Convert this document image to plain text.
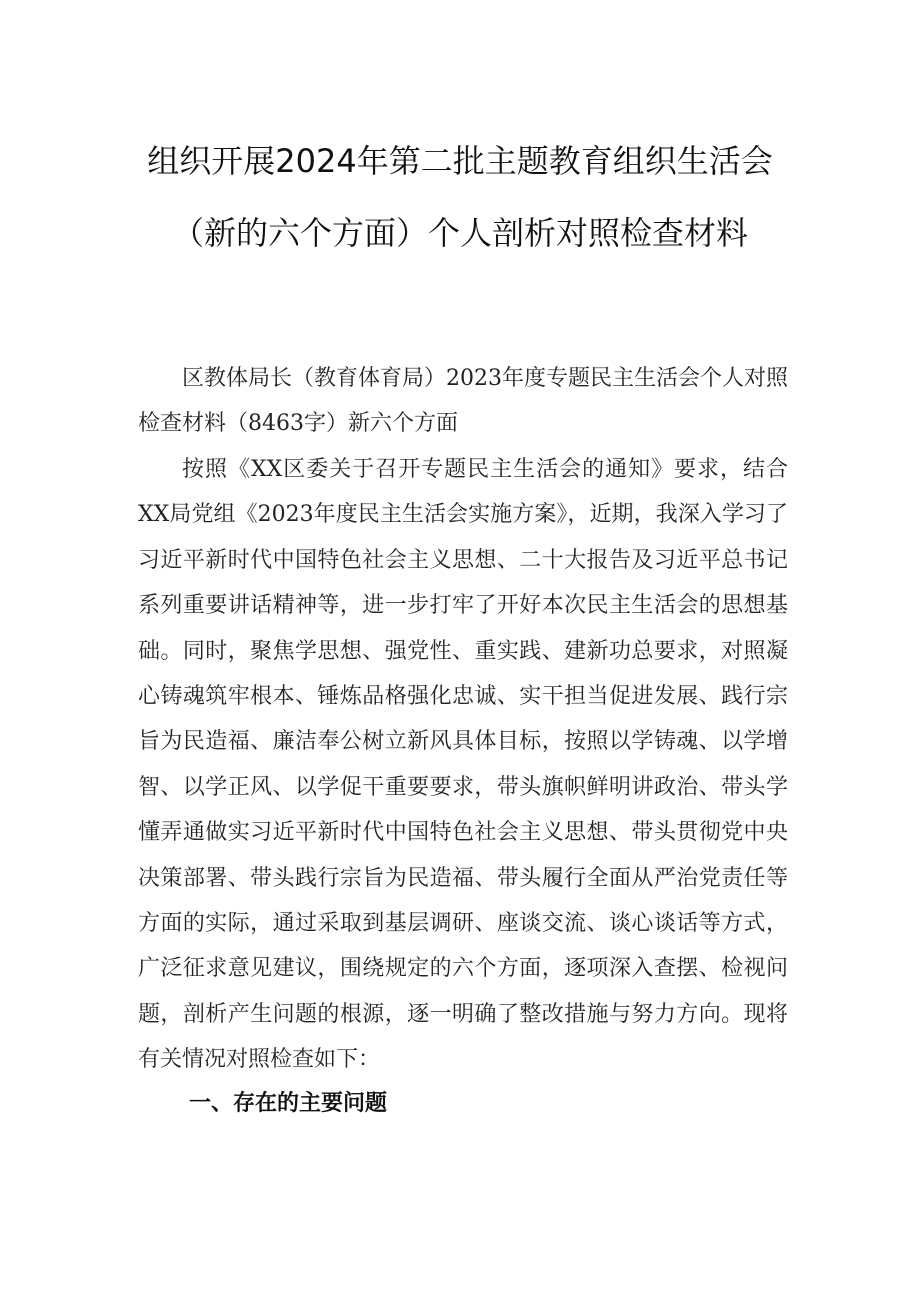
组织开展2024年第二批主题教育组织生活会
（新的六个方面）个人剖析对照检查材料

区教体局长（教育体育局）2023年度专题民主生活会个人对照检查材料（8463字）新六个方面

按照《XX区委关于召开专题民主生活会的通知》要求，结合XX局党组《2023年度民主生活会实施方案》，近期，我深入学习了习近平新时代中国特色社会主义思想、二十大报告及习近平总书记系列重要讲话精神等，进一步打牢了开好本次民主生活会的思想基础。同时，聚焦学思想、强党性、重实践、建新功总要求，对照凝心铸魂筑牢根本、锤炼品格强化忠诚、实干担当促进发展、践行宗旨为民造福、廉洁奉公树立新风具体目标，按照以学铸魂、以学增智、以学正风、以学促干重要要求，带头旗帜鲜明讲政治、带头学懂弄通做实习近平新时代中国特色社会主义思想、带头贯彻党中央决策部署、带头践行宗旨为民造福、带头履行全面从严治党责任等方面的实际，通过采取到基层调研、座谈交流、谈心谈话等方式，广泛征求意见建议，围绕规定的六个方面，逐项深入查摆、检视问题，剖析产生问题的根源，逐一明确了整改措施与努力方向。现将有关情况对照检查如下：

一、存在的主要问题
